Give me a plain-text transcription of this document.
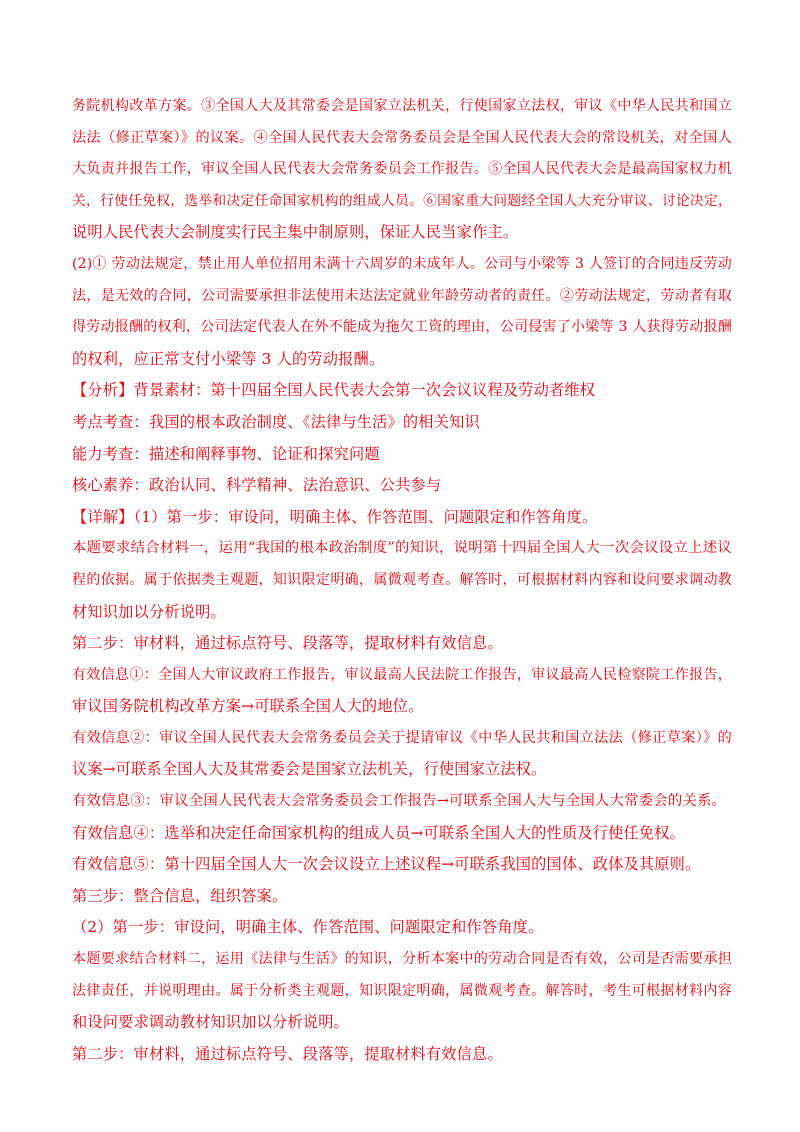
务院机构改革方案。③全国人大及其常委会是国家立法机关，行使国家立法权，审议《中华人民共和国立
法法（修正草案）》的议案。④全国人民代表大会常务委员会是全国人民代表大会的常设机关，对全国人
大负责并报告工作，审议全国人民代表大会常务委员会工作报告。⑤全国人民代表大会是最高国家权力机
关，行使任免权，选举和决定任命国家机构的组成人员。⑥国家重大问题经全国人大充分审议、讨论决定，
说明人民代表大会制度实行民主集中制原则，保证人民当家作主。
(2)① 劳动法规定，禁止用人单位招用未满十六周岁的未成年人。公司与小梁等 3 人签订的合同违反劳动
法，是无效的合同，公司需要承担非法使用未达法定就业年龄劳动者的责任。②劳动法规定，劳动者有取
得劳动报酬的权利，公司法定代表人在外不能成为拖欠工资的理由，公司侵害了小梁等 3 人获得劳动报酬
的权利，应正常支付小梁等 3 人的劳动报酬。
【分析】背景素材：第十四届全国人民代表大会第一次会议议程及劳动者维权
考点考查：我国的根本政治制度、《法律与生活》的相关知识
能力考查：描述和阐释事物、论证和探究问题
核心素养：政治认同、科学精神、法治意识、公共参与
【详解】（1）第一步：审设问，明确主体、作答范围、问题限定和作答角度。
本题要求结合材料一，运用“我国的根本政治制度”的知识，说明第十四届全国人大一次会议设立上述议
程的依据。属于依据类主观题，知识限定明确，属微观考查。解答时，可根据材料内容和设问要求调动教
材知识加以分析说明。
第二步：审材料，通过标点符号、段落等，提取材料有效信息。
有效信息①：全国人大审议政府工作报告，审议最高人民法院工作报告，审议最高人民检察院工作报告，
审议国务院机构改革方案→可联系全国人大的地位。
有效信息②：审议全国人民代表大会常务委员会关于提请审议《中华人民共和国立法法（修正草案）》的
议案→可联系全国人大及其常委会是国家立法机关，行使国家立法权。
有效信息③：审议全国人民代表大会常务委员会工作报告→可联系全国人大与全国人大常委会的关系。
有效信息④：选举和决定任命国家机构的组成人员→可联系全国人大的性质及行使任免权。
有效信息⑤：第十四届全国人大一次会议设立上述议程→可联系我国的国体、政体及其原则。
第三步：整合信息，组织答案。
（2）第一步：审设问，明确主体、作答范围、问题限定和作答角度。
本题要求结合材料二，运用《法律与生活》的知识，分析本案中的劳动合同是否有效，公司是否需要承担
法律责任，并说明理由。属于分析类主观题，知识限定明确，属微观考查。解答时，考生可根据材料内容
和设问要求调动教材知识加以分析说明。
第二步：审材料，通过标点符号、段落等，提取材料有效信息。
